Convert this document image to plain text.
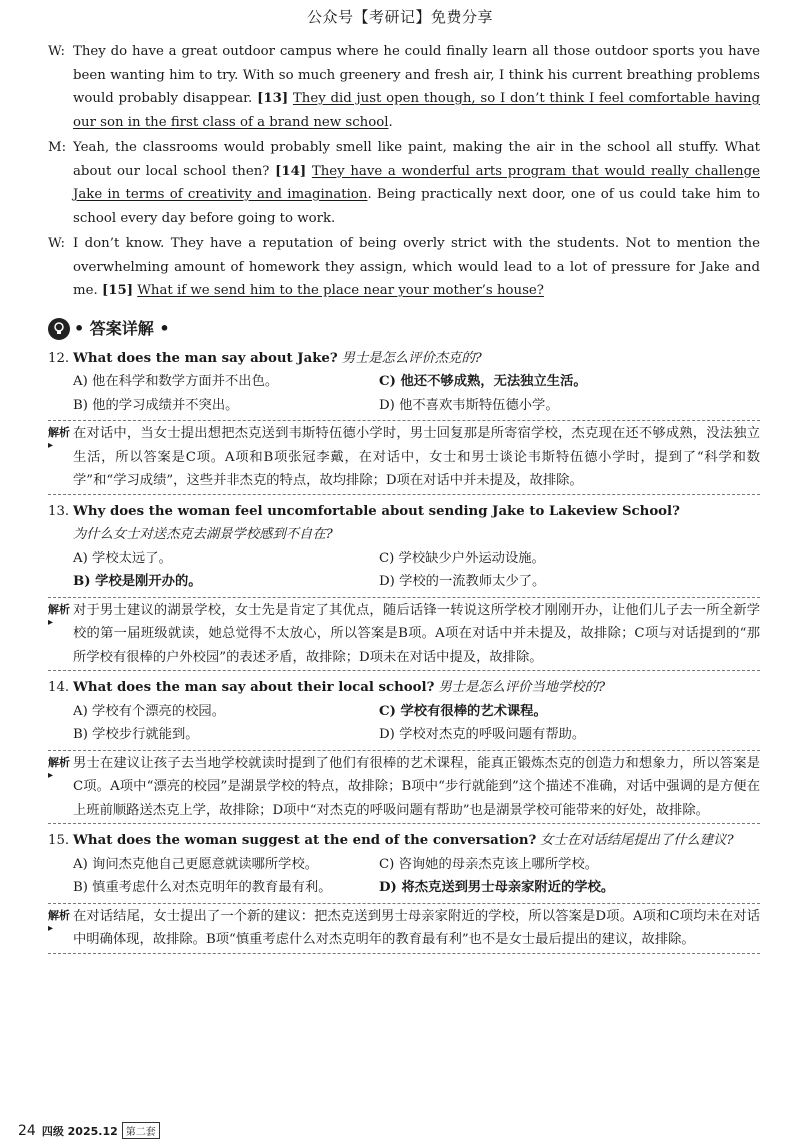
公众号【考研记】免费分享
W: They do have a great outdoor campus where he could finally learn all those outdoor sports you have been wanting him to try. With so much greenery and fresh air, I think his current breathing problems would probably disappear. [13] They did just open though, so I don’t think I feel comfortable having our son in the first class of a brand new school.
M: Yeah, the classrooms would probably smell like paint, making the air in the school all stuffy. What about our local school then? [14] They have a wonderful arts program that would really challenge Jake in terms of creativity and imagination. Being practically next door, one of us could take him to school every day before going to work.
W: I don’t know. They have a reputation of being overly strict with the students. Not to mention the overwhelming amount of homework they assign, which would lead to a lot of pressure for Jake and me. [15] What if we send him to the place near your mother’s house?
• 答案详解 •
12. What does the man say about Jake? 男士是怎么评价杰克的?
A) 他在科学和数学方面并不出色。	C) 他还不够成熟，无法独立生活。
B) 他的学习成绩并不突出。	D) 他不喜欢韦斯特伍德小学。
解析
▸
在对话中，当女士提出想把杰克送到韦斯特伍德小学时，男士回复那是所寄宿学校，杰克现在还不够成熟，没法独立生活，所以答案是C项。A项和B项张冠李戴，在对话中，女士和男士谈论韦斯特伍德小学时，提到了“科学和数学”和“学习成绩”，这些并非杰克的特点，故均排除；D项在对话中并未提及，故排除。
13. Why does the woman feel uncomfortable about sending Jake to Lakeview School?
为什么女士对送杰克去湖景学校感到不自在?
A) 学校太远了。	C) 学校缺少户外运动设施。
B) 学校是刚开办的。	D) 学校的一流教师太少了。
解析
▸
对于男士建议的湖景学校，女士先是肯定了其优点，随后话锋一转说这所学校才刚刚开办，让他们儿子去一所全新学校的第一届班级就读，她总觉得不太放心，所以答案是B项。A项在对话中并未提及，故排除；C项与对话提到的“那所学校有很棒的户外校园”的表述矛盾，故排除；D项未在对话中提及，故排除。
14. What does the man say about their local school? 男士是怎么评价当地学校的?
A) 学校有个漂亮的校园。	C) 学校有很棒的艺术课程。
B) 学校步行就能到。	D) 学校对杰克的呼吸问题有帮助。
解析
▸
男士在建议让孩子去当地学校就读时提到了他们有很棒的艺术课程，能真正锻炼杰克的创造力和想象力，所以答案是C项。A项中“漂亮的校园”是湖景学校的特点，故排除；B项中“步行就能到”这个描述不准确，对话中强调的是方便在上班前顺路送杰克上学，故排除；D项中“对杰克的呼吸问题有帮助”也是湖景学校可能带来的好处，故排除。
15. What does the woman suggest at the end of the conversation? 女士在对话结尾提出了什么建议?
A) 询问杰克他自己更愿意就读哪所学校。	C) 咨询她的母亲杰克该上哪所学校。
B) 慎重考虑什么对杰克明年的教育最有利。	D) 将杰克送到男士母亲家附近的学校。
解析
▸
在对话结尾，女士提出了一个新的建议：把杰克送到男士母亲家附近的学校，所以答案是D项。A项和C项均未在对话中明确体现，故排除。B项“慎重考虑什么对杰克明年的教育最有利”也不是女士最后提出的建议，故排除。
24 四级 2025.12 第二套
